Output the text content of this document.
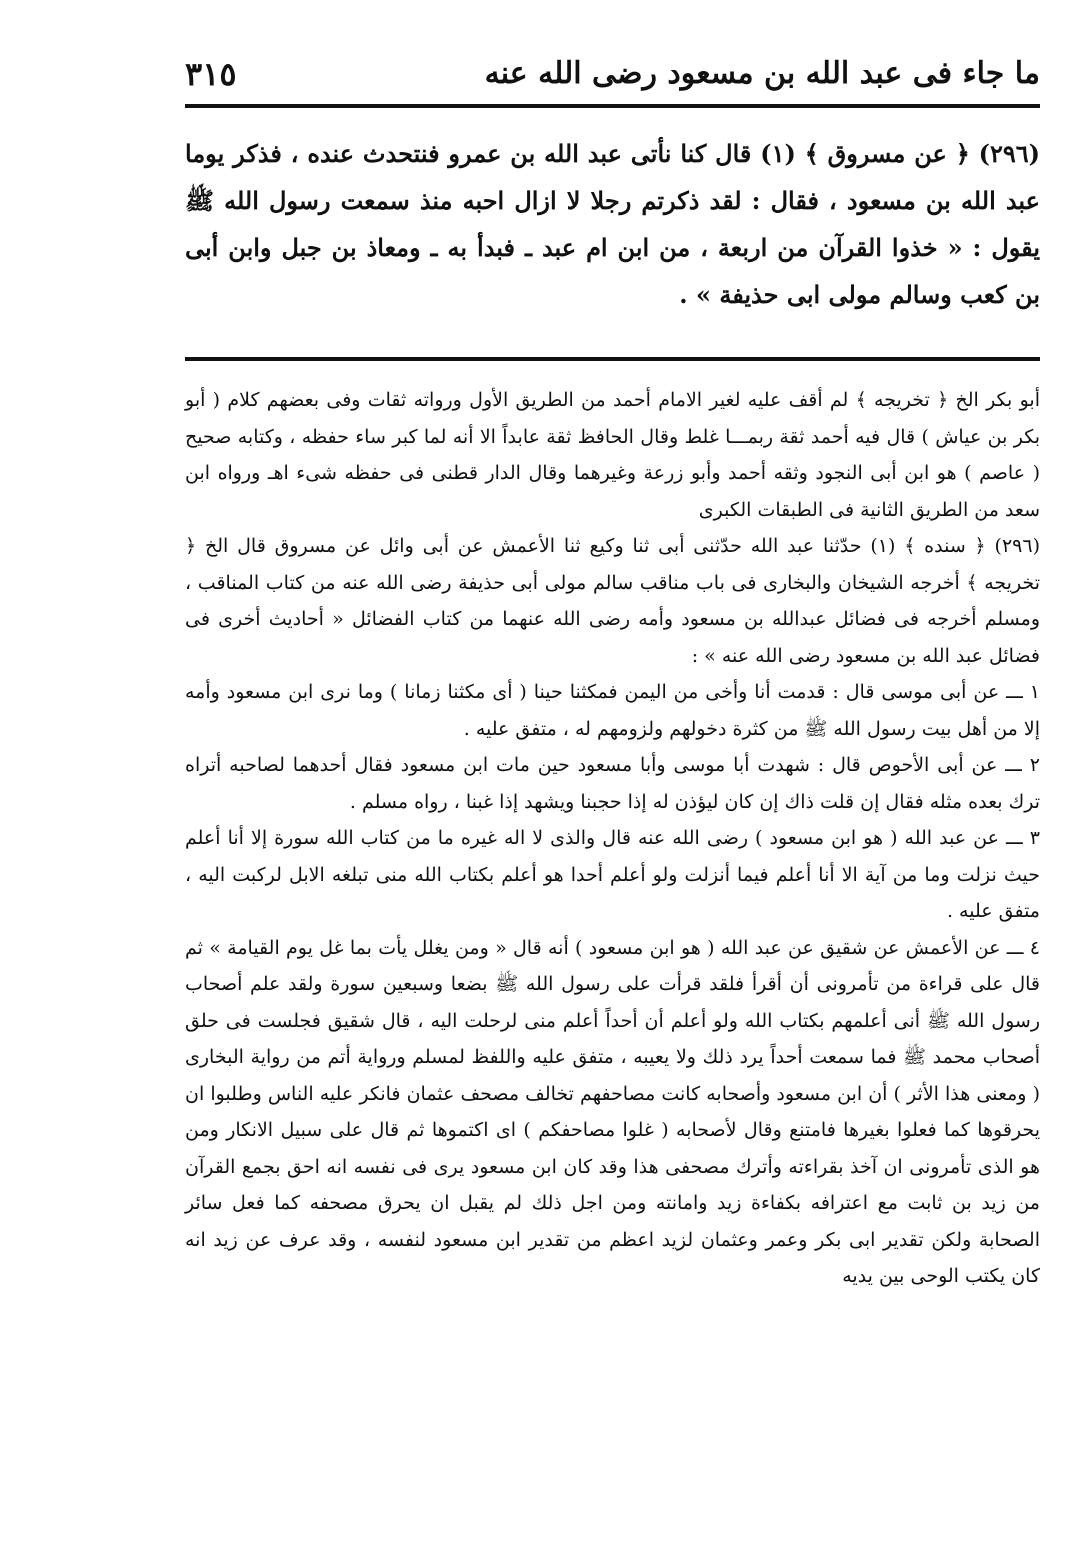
ما جاء فى عبد الله بن مسعود رضى الله عنه
٣١٥
(٢٩٦) ﴿ عن مسروق ﴾ (١) قال كنا نأتى عبد الله بن عمرو فنتحدث عنده ، فذكر يوما عبد الله بن مسعود ، فقال : لقد ذكرتم رجلا لا ازال احبه منذ سمعت رسول الله ﷺ يقول : « خذوا القرآن من اربعة ، من ابن ام عبد ـ فبدأ به ـ ومعاذ بن جبل وابن أبى بن كعب وسالم مولى ابى حذيفة » .

أبو بكر الخ ﴿ تخريجه ﴾ لم أقف عليه لغير الامام أحمد من الطريق الأول ورواته ثقات وفى بعضهم كلام ( أبو بكر بن عياش ) قال فيه أحمد ثقة ربمـــا غلط وقال الحافظ ثقة عابداً الا أنه لما كبر ساء حفظه ، وكتابه صحيح ( عاصم ) هو ابن أبى النجود وثقه أحمد وأبو زرعة وغيرهما وقال الدار قطنى فى حفظه شىء اهـ ورواه ابن سعد من الطريق الثانية فى الطبقات الكبرى

(٢٩٦) ﴿ سنده ﴾ (١) حدّثنا عبد الله حدّثنى أبى ثنا وكيع ثنا الأعمش عن أبى وائل عن مسروق قال الخ ﴿ تخريجه ﴾ أخرجه الشيخان والبخارى فى باب مناقب سالم مولى أبى حذيفة رضى الله عنه من كتاب المناقب ، ومسلم أخرجه فى فضائل عبدالله بن مسعود وأمه رضى الله عنهما من كتاب الفضائل « أحاديث أخرى فى فضائل عبد الله بن مسعود رضى الله عنه » :

١ ـــ عن أبى موسى قال : قدمت أنا وأخى من اليمن فمكثنا حينا ( أى مكثنا زمانا ) وما نرى ابن مسعود وأمه إلا من أهل بيت رسول الله ﷺ من كثرة دخولهم ولزومهم له ، متفق عليه .

٢ ـــ عن أبى الأحوص قال : شهدت أبا موسى وأبا مسعود حين مات ابن مسعود فقال أحدهما لصاحبه أتراه ترك بعده مثله فقال إن قلت ذاك إن كان ليؤذن له إذا حجبنا ويشهد إذا غبنا ، رواه مسلم .

٣ ـــ عن عبد الله ( هو ابن مسعود ) رضى الله عنه قال والذى لا اله غيره ما من كتاب الله سورة إلا أنا أعلم حيث نزلت وما من آية الا أنا أعلم فيما أنزلت ولو أعلم أحدا هو أعلم بكتاب الله منى تبلغه الابل لركبت اليه ، متفق عليه .

٤ ـــ عن الأعمش عن شقيق عن عبد الله ( هو ابن مسعود ) أنه قال « ومن يغلل يأت بما غل يوم القيامة » ثم قال على قراءة من تأمرونى أن أقرأ فلقد قرأت على رسول الله ﷺ بضعا وسبعين سورة ولقد علم أصحاب رسول الله ﷺ أنى أعلمهم بكتاب الله ولو أعلم أن أحداً أعلم منى لرحلت اليه ، قال شقيق فجلست فى حلق أصحاب محمد ﷺ فما سمعت أحداً يرد ذلك ولا يعيبه ، متفق عليه واللفظ لمسلم ورواية أتم من رواية البخارى ( ومعنى هذا الأثر ) أن ابن مسعود وأصحابه كانت مصاحفهم تخالف مصحف عثمان فانكر عليه الناس وطلبوا ان يحرقوها كما فعلوا بغيرها فامتنع وقال لأصحابه ( غلوا مصاحفكم ) اى اكتموها ثم قال على سبيل الانكار ومن هو الذى تأمرونى ان آخذ بقراءته وأترك مصحفى هذا وقد كان ابن مسعود يرى فى نفسه انه احق بجمع القرآن من زيد بن ثابت مع اعترافه بكفاءة زيد وامانته ومن اجل ذلك لم يقبل ان يحرق مصحفه كما فعل سائر الصحابة ولكن تقدير ابى بكر وعمر وعثمان لزيد اعظم من تقدير ابن مسعود لنفسه ، وقد عرف عن زيد انه كان يكتب الوحى بين يديه
